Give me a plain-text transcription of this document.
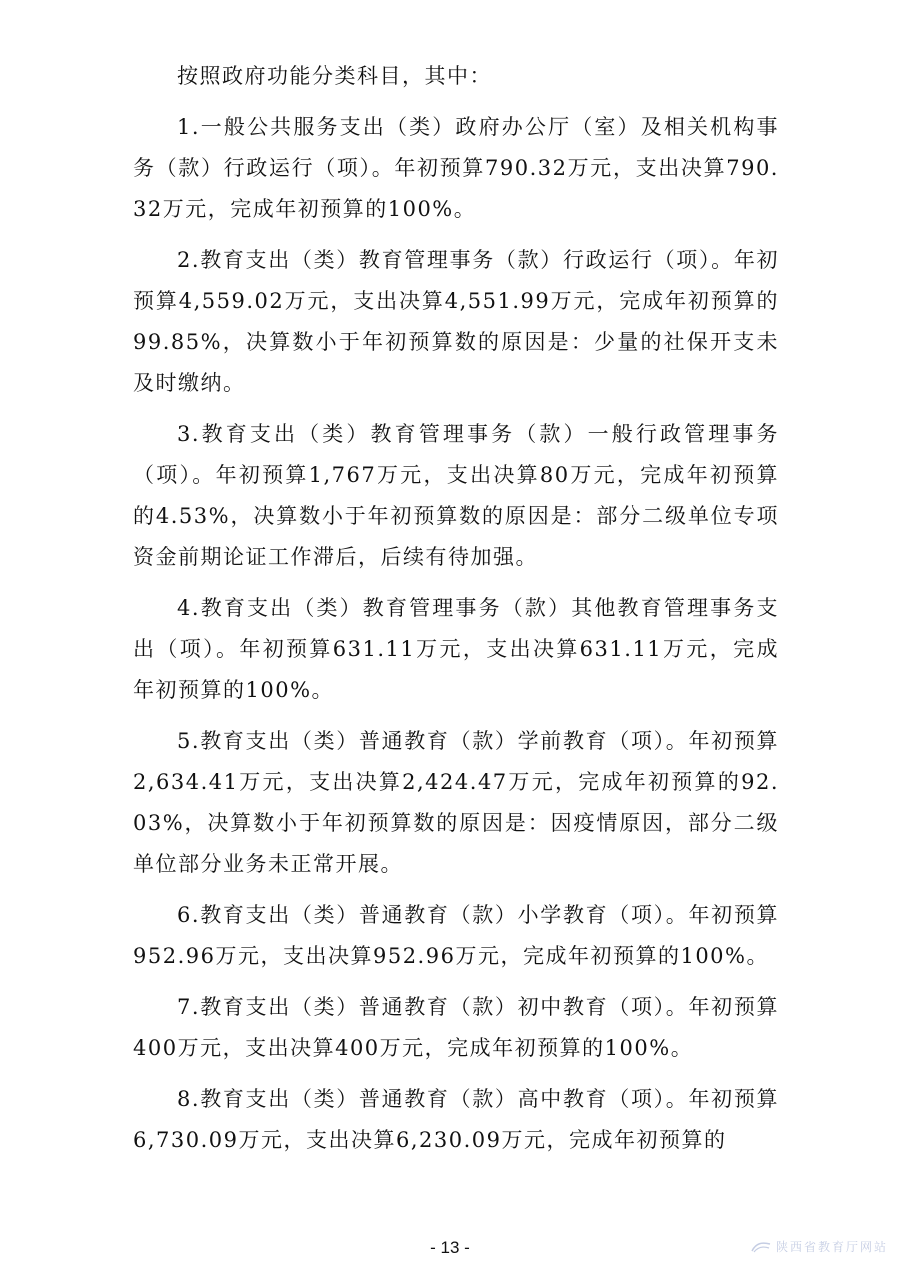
按照政府功能分类科目，其中：

1.一般公共服务支出（类）政府办公厅（室）及相关机构事务（款）行政运行（项）。年初预算790.32万元，支出决算790.32万元，完成年初预算的100%。

2.教育支出（类）教育管理事务（款）行政运行（项）。年初预算4,559.02万元，支出决算4,551.99万元，完成年初预算的99.85%，决算数小于年初预算数的原因是：少量的社保开支未及时缴纳。

3.教育支出（类）教育管理事务（款）一般行政管理事务（项）。年初预算1,767万元，支出决算80万元，完成年初预算的4.53%，决算数小于年初预算数的原因是：部分二级单位专项资金前期论证工作滞后，后续有待加强。

4.教育支出（类）教育管理事务（款）其他教育管理事务支出（项）。年初预算631.11万元，支出决算631.11万元，完成年初预算的100%。

5.教育支出（类）普通教育（款）学前教育（项）。年初预算2,634.41万元，支出决算2,424.47万元，完成年初预算的92.03%，决算数小于年初预算数的原因是：因疫情原因，部分二级单位部分业务未正常开展。

6.教育支出（类）普通教育（款）小学教育（项）。年初预算952.96万元，支出决算952.96万元，完成年初预算的100%。

7.教育支出（类）普通教育（款）初中教育（项）。年初预算400万元，支出决算400万元，完成年初预算的100%。

8.教育支出（类）普通教育（款）高中教育（项）。年初预算6,730.09万元，支出决算6,230.09万元，完成年初预算的

- 13 -	陕西省教育厅网站
